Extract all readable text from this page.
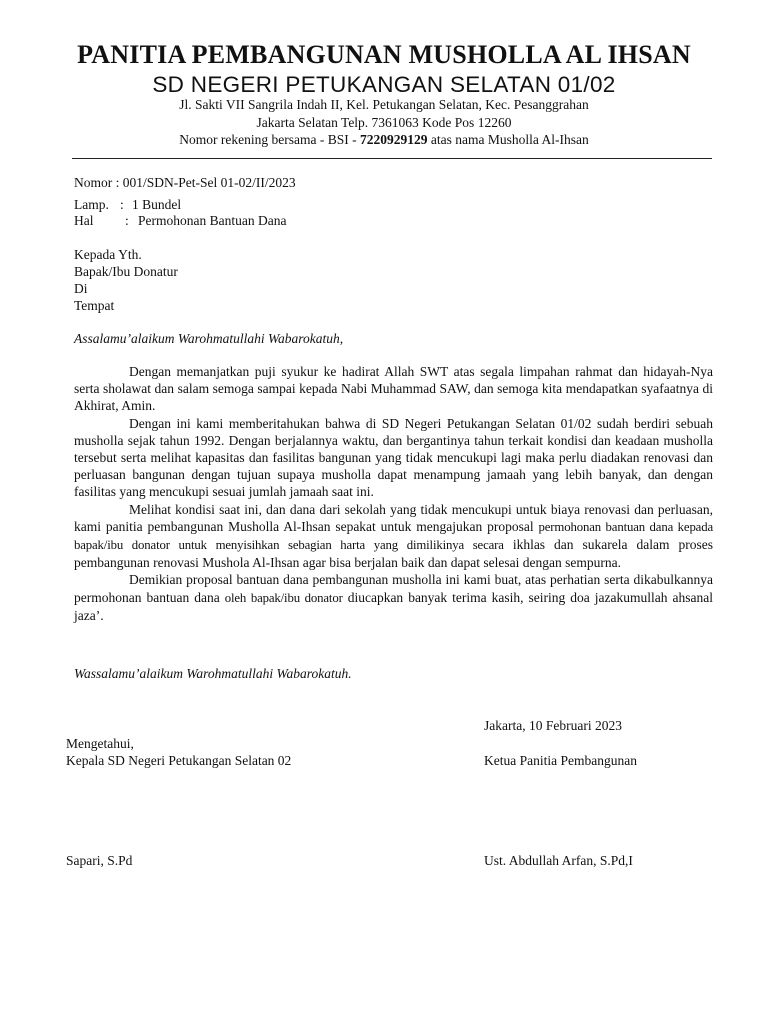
PANITIA PEMBANGUNAN MUSHOLLA AL IHSAN
SD NEGERI PETUKANGAN SELATAN 01/02
Jl. Sakti VII Sangrila Indah II, Kel. Petukangan Selatan, Kec. Pesanggrahan
Jakarta Selatan Telp. 7361063 Kode Pos 12260
Nomor rekening bersama - BSI - 7220929129 atas nama Musholla Al-Ihsan
Nomor : 001/SDN-Pet-Sel 01-02/II/2023
Lamp. : 1 Bundel
Hal : Permohonan Bantuan Dana
Kepada Yth.
Bapak/Ibu Donatur
Di
Tempat
Assalamu’alaikum Warohmatullahi Wabarokatuh,

Dengan memanjatkan puji syukur ke hadirat Allah SWT atas segala limpahan rahmat dan hidayah-Nya serta sholawat dan salam semoga sampai kepada Nabi Muhammad SAW, dan semoga kita mendapatkan syafaatnya di Akhirat, Amin.

Dengan ini kami memberitahukan bahwa di SD Negeri Petukangan Selatan 01/02 sudah berdiri sebuah musholla sejak tahun 1992. Dengan berjalannya waktu, dan bergantinya tahun terkait kondisi dan keadaan musholla tersebut serta melihat kapasitas dan fasilitas bangunan yang tidak mencukupi lagi maka perlu diadakan renovasi dan perluasan bangunan dengan tujuan supaya musholla dapat menampung jamaah yang lebih banyak, dan dengan fasilitas yang mencukupi sesuai jumlah jamaah saat ini.

Melihat kondisi saat ini, dan dana dari sekolah yang tidak mencukupi untuk biaya renovasi dan perluasan, kami panitia pembangunan Musholla Al-Ihsan sepakat untuk mengajukan proposal permohonan bantuan dana kepada bapak/ibu donator untuk menyisihkan sebagian harta yang dimilikinya secara ikhlas dan sukarela dalam proses pembangunan renovasi Mushola Al-Ihsan agar bisa berjalan baik dan dapat selesai dengan sempurna.

Demikian proposal bantuan dana pembangunan musholla ini kami buat, atas perhatian serta dikabulkannya permohonan bantuan dana oleh bapak/ibu donator diucapkan banyak terima kasih, seiring doa jazakumullah ahsanal jaza’.

Wassalamu’alaikum Warohmatullahi Wabarokatuh.
Jakarta, 10 Februari 2023
Mengetahui,
Kepala SD Negeri Petukangan Selatan 02	Ketua Panitia Pembangunan
Sapari, S.Pd	Ust. Abdullah Arfan, S.Pd,I
